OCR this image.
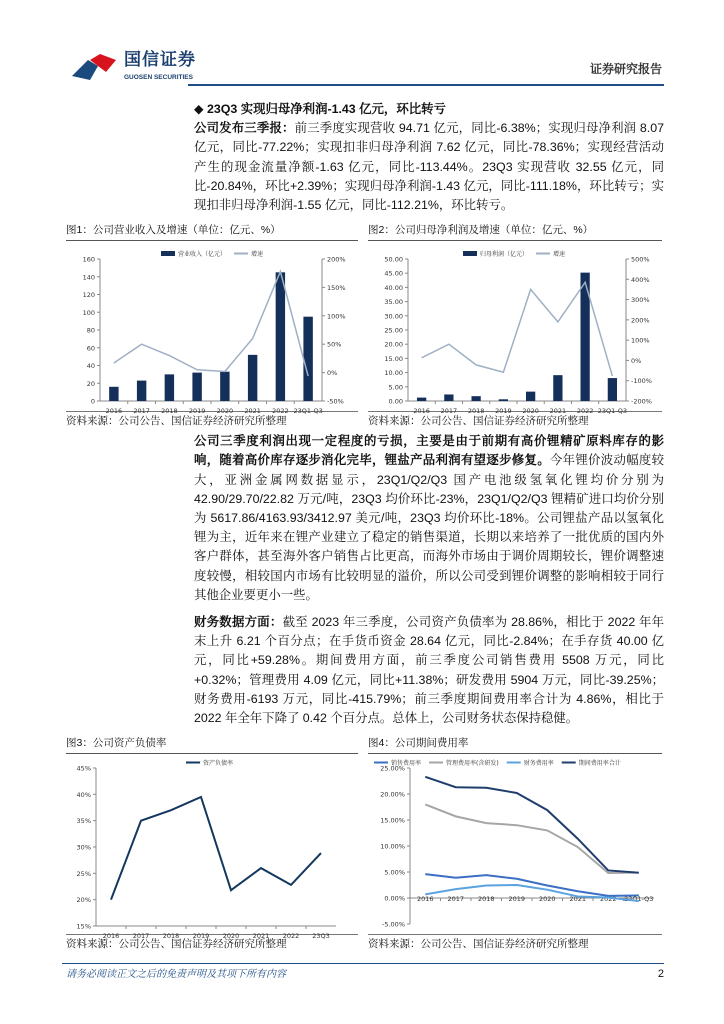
国信证券
GUOSEN SECURITIES
证券研究报告
◆ 23Q3 实现归母净利润-1.43 亿元，环比转亏
公司发布三季报：前三季度实现营收 94.71 亿元，同比-6.38%；实现归母净利润 8.07 亿元，同比-77.22%；实现扣非归母净利润 7.62 亿元，同比-78.36%；实现经营活动产生的现金流量净额-1.63 亿元，同比-113.44%。23Q3 实现营收 32.55 亿元，同比-20.84%，环比+2.39%；实现归母净利润-1.43 亿元，同比-111.18%，环比转亏；实现扣非归母净利润-1.55 亿元，同比-112.21%，环比转亏。
图1：公司营业收入及增速（单位：亿元、%）
0
20
40
60
80
100
120
140
160
-50%
0%
50%
100%
150%
200%
2016 2017 2018 2019 2020 2021 2022 23Q1-Q3
营业收入（亿元）	增速
资料来源：公司公告、国信证券经济研究所整理
图2：公司归母净利润及增速（单位：亿元、%）
0.00
5.00
10.00
15.00
20.00
25.00
30.00
35.00
40.00
45.00
50.00
-200%
-100%
0%
100%
200%
300%
400%
500%
2016 2017 2018 2019 2020 2021 2022 23Q1-Q3
归母利润（亿元）	增速
资料来源：公司公告、国信证券经济研究所整理
公司三季度利润出现一定程度的亏损，主要是由于前期有高价锂精矿原料库存的影响，随着高价库存逐步消化完毕，锂盐产品利润有望逐步修复。今年锂价波动幅度较大，亚洲金属网数据显示，23Q1/Q2/Q3 国产电池级氢氧化锂均价分别为 42.90/29.70/22.82 万元/吨，23Q3 均价环比-23%，23Q1/Q2/Q3 锂精矿进口均价分别为 5617.86/4163.93/3412.97 美元/吨，23Q3 均价环比-18%。公司锂盐产品以氢氧化锂为主，近年来在锂产业建立了稳定的销售渠道，长期以来培养了一批优质的国内外客户群体，甚至海外客户销售占比更高，而海外市场由于调价周期较长，锂价调整速度较慢，相较国内市场有比较明显的溢价，所以公司受到锂价调整的影响相较于同行其他企业要更小一些。
财务数据方面：截至 2023 年三季度，公司资产负债率为 28.86%，相比于 2022 年年末上升 6.21 个百分点；在手货币资金 28.64 亿元，同比-2.84%；在手存货 40.00 亿元，同比+59.28%。期间费用方面，前三季度公司销售费用 5508 万元，同比+0.32%；管理费用 4.09 亿元，同比+11.38%；研发费用 5904 万元，同比-39.25%；财务费用-6193 万元，同比-415.79%；前三季度期间费用率合计为 4.86%，相比于 2022 年全年下降了 0.42 个百分点。总体上，公司财务状态保持稳健。
图3：公司资产负债率
15%
20%
25%
30%
35%
40%
45%
2016 2017 2018 2019 2020 2021 2022 23Q3
资产负债率
资料来源：公司公告、国信证券经济研究所整理
图4：公司期间费用率
-5.00%
0.00%
5.00%
10.00%
15.00%
20.00%
25.00%
2016 2017 2018 2019 2020 2021 2022 23Q1-Q3
销售费用率	管理费用率(含研发)	财务费用率	期间费用率合计
资料来源：公司公告、国信证券经济研究所整理
请务必阅读正文之后的免责声明及其项下所有内容	2
